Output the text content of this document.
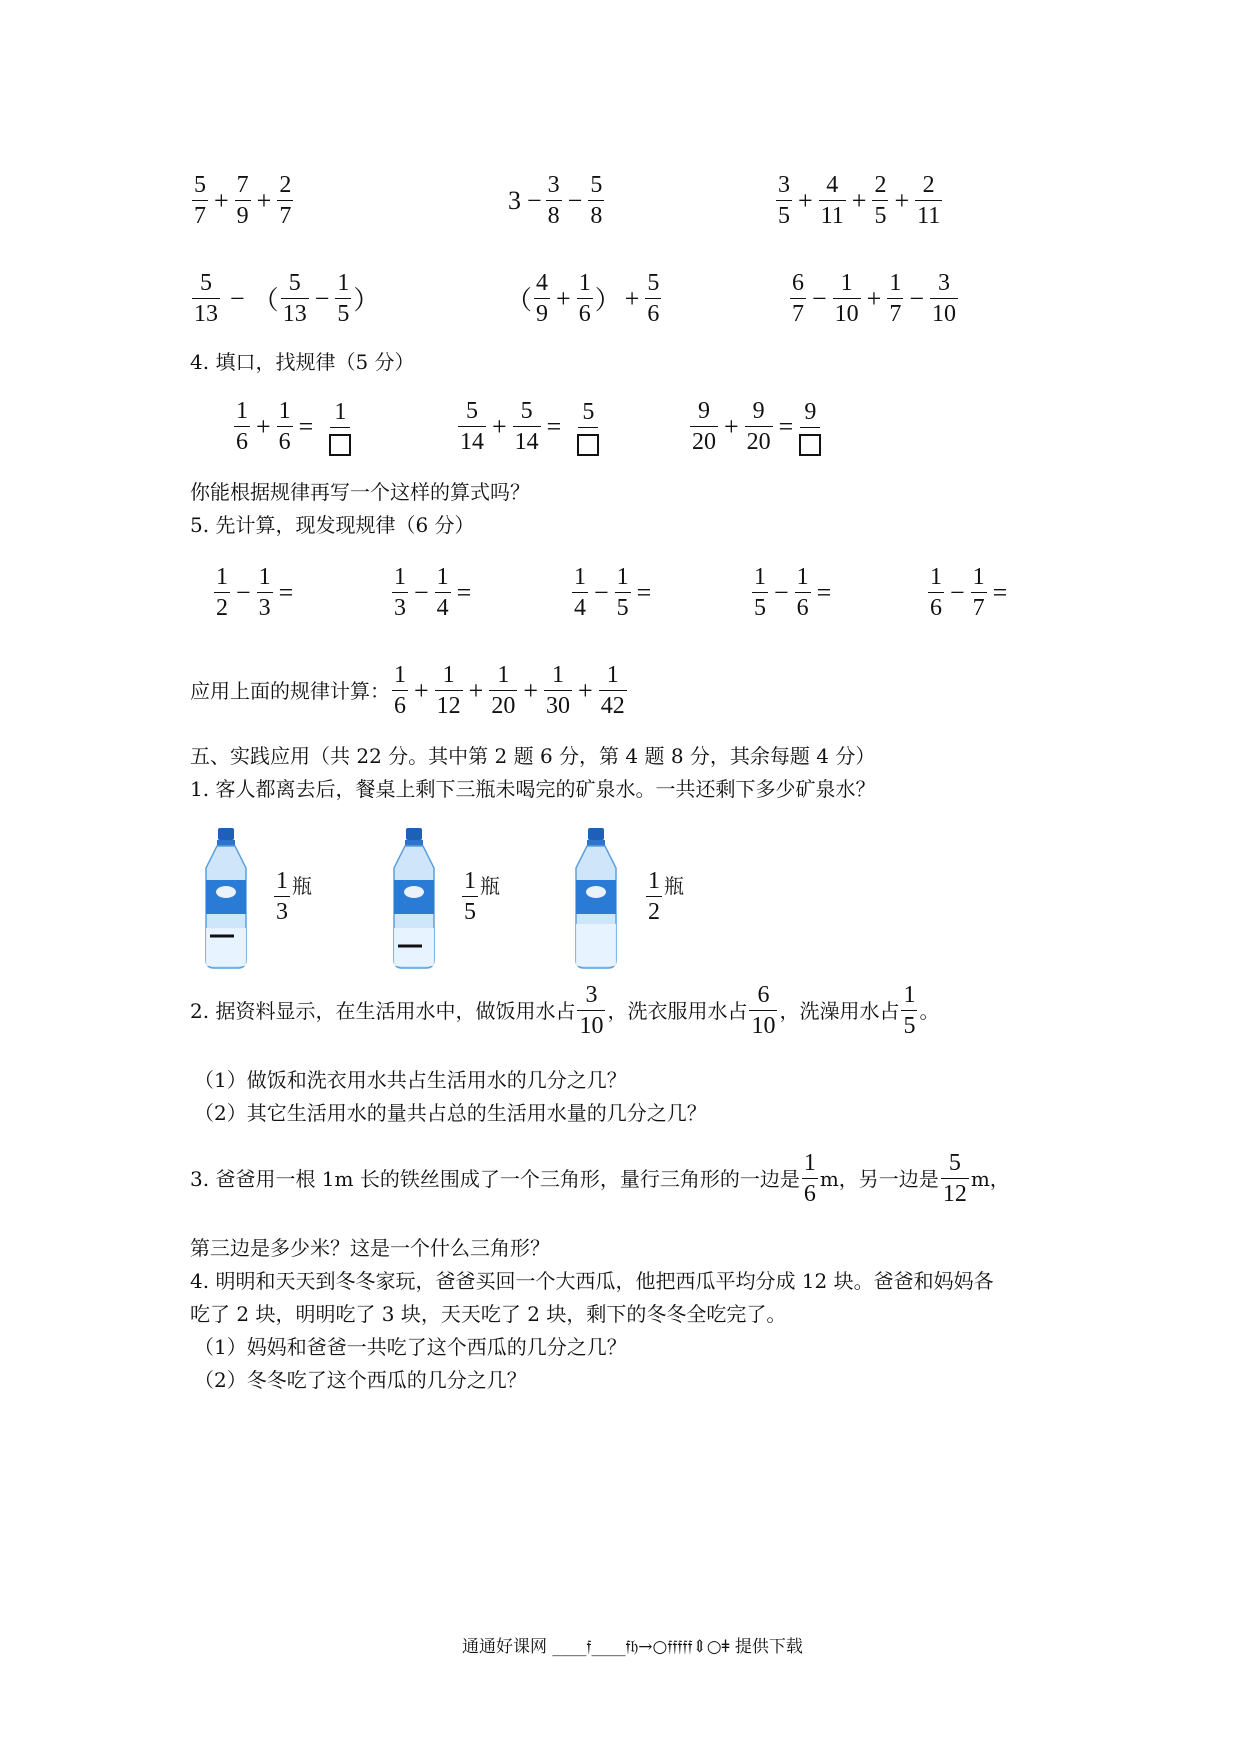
$\frac{5}{7} + \frac{7}{9} + \frac{2}{7}$	$3 - \frac{3}{8} - \frac{5}{8}$	$\frac{3}{5} + \frac{4}{11} + \frac{2}{5} + \frac{2}{11}$
$\frac{5}{13}$ − （ $\frac{5}{13} - \frac{1}{5}$ ）	（ $\frac{4}{9} + \frac{1}{6}$ ） + $\frac{5}{6}$	$\frac{6}{7} - \frac{1}{10} + \frac{1}{7} - \frac{3}{10}$
4. 填口，找规律（5 分）
$\frac{1}{6} + \frac{1}{6} = 1$	$\frac{5}{14} + \frac{5}{14} = 5$	$\frac{9}{20} + \frac{9}{20} = 9$
你能根据规律再写一个这样的算式吗？
5. 先计算，现发现规律（6 分）
$\frac{1}{2} - \frac{1}{3}$ =	$\frac{1}{3} - \frac{1}{4}$ =	$\frac{1}{4} - \frac{1}{5}$ =	$\frac{1}{5} - \frac{1}{6}$ =	$\frac{1}{6} - \frac{1}{7}$ =
应用上面的规律计算： $\frac{1}{6} + \frac{1}{12} + \frac{1}{20} + \frac{1}{30} + \frac{1}{42}$
五、实践应用（共 22 分。其中第 2 题 6 分，第 4 题 8 分，其余每题 4 分）
1. 客人都离去后，餐桌上剩下三瓶未喝完的矿泉水。一共还剩下多少矿泉水？
$\frac{1}{3}$ 瓶	$\frac{1}{5}$ 瓶	$\frac{1}{2}$ 瓶
2. 据资料显示，在生活用水中，做饭用水占 $\frac{3}{10}$ ，洗衣服用水占 $\frac{6}{10}$ ，洗澡用水占 $\frac{1}{5}$ 。
（1）做饭和洗衣用水共占生活用水的几分之几？
（2）其它生活用水的量共占总的生活用水量的几分之几？
3. 爸爸用一根 1m 长的铁丝围成了一个三角形，量行三角形的一边是 $\frac{1}{6}$ m，另一边是 $\frac{5}{12}$ m，
第三边是多少米？这是一个什么三角形？
4. 明明和天天到冬冬家玩，爸爸买回一个大西瓜，他把西瓜平均分成 12 块。爸爸和妈妈各
吃了 2 块，明明吃了 3 块，天天吃了 2 块，剩下的冬冬全吃完了。
（1）妈妈和爸爸一共吃了这个西瓜的几分之几？
（2）冬冬吃了这个西瓜的几分之几？
通通好课网 ____𝔣____𝔣𝔥→○𝔣𝔣𝔣𝔣𝔣⇕○ǂ 提供下载
